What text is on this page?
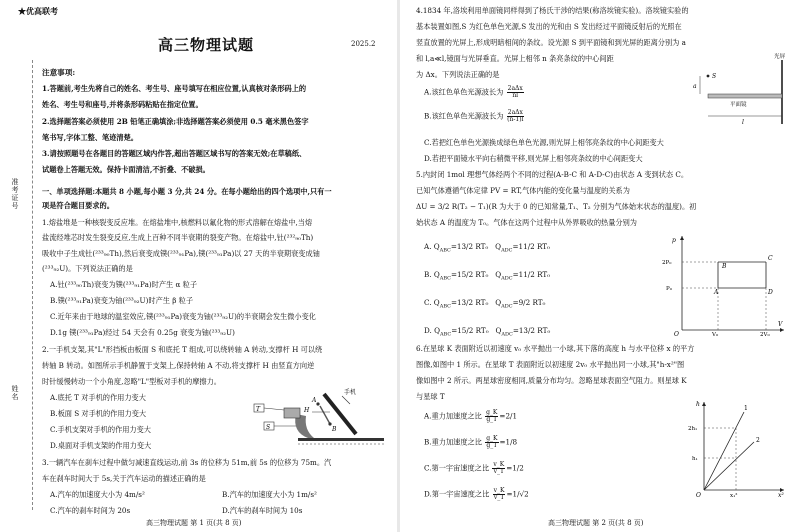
★优高联考
高三物理试题	2025.2
准考证号
姓名
注意事项:
1.答题前,考生先将自己的姓名、考生号、座号填写在相应位置,认真核对条形码上的
姓名、考生号和座号,并将条形码粘贴在指定位置。
2.选择题答案必须使用 2B 铅笔正确填涂;非选择题答案必须使用 0.5 毫米黑色签字
笔书写,字体工整、笔迹清楚。
3.请按照题号在各题目的答题区域内作答,超出答题区域书写的答案无效;在草稿纸、
试题卷上答题无效。保持卡面清洁,不折叠、不破损。
一、单项选择题:本题共 8 小题,每小题 3 分,共 24 分。在每小题给出的四个选项中,只有一
项是符合题目要求的。
1.熔盐堆是一种核裂变反应堆。在熔盐堆中,核燃料以氟化物的形式溶解在熔盐中,当熔
盐流经堆芯时发生裂变反应,生成上百种不同半衰期的裂变产物。在熔盐中,钍(²³²₉₀Th)
吸收中子生成钍(²³³₉₀Th),然后衰变成镤(²³³₉₁Pa),镤(²³³₉₁Pa)以 27 天的半衰期衰变成铀
(²³³₉₂U)。下列说法正确的是
A.钍(²³³₉₀Th)衰变为镤(²³³₉₁Pa)时产生 α 粒子
B.镤(²³³₉₁Pa)衰变为铀(²³³₉₂U)时产生 β 粒子
C.近年来由于地球的温室效应,镤(²³³₉₁Pa)衰变为铀(²³³₉₂U)的半衰期会发生微小变化
D.1g 镤(²³³₉₁Pa)经过 54 天会有 0.25g 衰变为铀(²³³₉₂U)
2.一手机支架,其"L"形挡板由板面 S 和底托 T 组成,可以绕转轴 A 转动,支撑杆 H 可以绕
转轴 B 转动。如图所示手机静置于支架上,保持转轴 A 不动,将支撑杆 H 由竖直方向逆
时针缓慢转动一个小角度,忽略"L"型板对手机的摩擦力。
A.底托 T 对手机的作用力变大
B.板面 S 对手机的作用力变大
C.手机支架对手机的作用力变大
D.桌面对手机支架的作用力变大
T
S
手机
A
H
B
3.一辆汽车在刹车过程中做匀减速直线运动,前 3s 的位移为 51m,前 5s 的位移为 75m。汽
车在刹车时间大于 5s,关于汽车运动的描述正确的是
A.汽车的加速度大小为 4m/s²	B.汽车的加速度大小为 1m/s²
C.汽车的刹车时间为 20s	D.汽车的刹车时间为 10s
高三物理试题 第 1 页(共 8 页)
4.1834 年,洛埃利用单面镜同样得到了杨氏干涉的结果(称洛埃镜实验)。洛埃镜实验的
基本装置如图,S 为红色单色光源,S 发出的光和由 S 发出经过平面镜反射后的光照在
竖直放置的光屏上,形成明暗相间的条纹。设光源 S 到平面镜和到光屏的距离分别为 a
和 l,a≪l,镜面与光屏垂直。光屏上相邻 n 条亮条纹的中心间距
为 Δx。下列说法正确的是
A.该红色单色光源波长为 $\frac{\text{2aΔx}}{nl}$
B.该红色单色光源波长为 $\frac{\text{2aΔx}}{(n-1)l}$
C.若把红色单色光源换成绿色单色光源,则光屏上相邻亮条纹的中心间距变大
D.若把平面镜水平向右稍微平移,则光屏上相邻亮条纹的中心间距变大
光屏
S
a
平面镜
l
5.内封闭 1mol 理想气体经两个不同的过程(A-B-C 和 A-D-C)由状态 A 变到状态 C。
已知气体遵循气体定律 PV = RT,气体内能的变化量与温度的关系为
ΔU = 3/2 R(T₂ − T₁)(R 为大于 0 的已知常量,T₁、T₂ 分别为气体始末状态的温度)。初
始状态 A 的温度为 T₀。气体在这两个过程中从外界吸收的热量分别为
A. $Q_{ABC}=13/2$ RT₀ $Q_{ADC}=11/2$ RT₀
B. $Q_{ABC}=15/2$ RT₀ $Q_{ADC}=11/2$ RT₀
C. $Q_{ABC}=13/2$ RT₀ $Q_{ADC}=9/2$ RT₀
D. $Q_{ABC}=15/2$ RT₀ $Q_{ADC}=13/2$ RT₀
p
V
O
2P₀
P₀
V₀	2V₀
A
B
C
D
6.在星球 K 表面附近以初速度 v₀ 水平抛出一小球,其下落的高度 h 与水平位移 x 的平方
图像,如图中 1 所示。在星球 T 表面附近以初速度 2v₀ 水平抛出同一小球,其"h-x²"图
像如图中 2 所示。两星球密度相同,质量分布均匀。忽略星球表面空气阻力。则星球 K
与星球 T
A.重力加速度之比 $\frac{g\_K}{g\_T} =2/1$
B.重力加速度之比 $\frac{g\_K}{g\_T} =1/8$
C.第一宇宙速度之比 $\frac{v\_K}{v\_T} =1/2$
D.第一宇宙速度之比 $\frac{v\_K}{v\_T} =1/√2$
h
x²
O
2h₁
h₁
x₁²
1
2
高三物理试题 第 2 页(共 8 页)
